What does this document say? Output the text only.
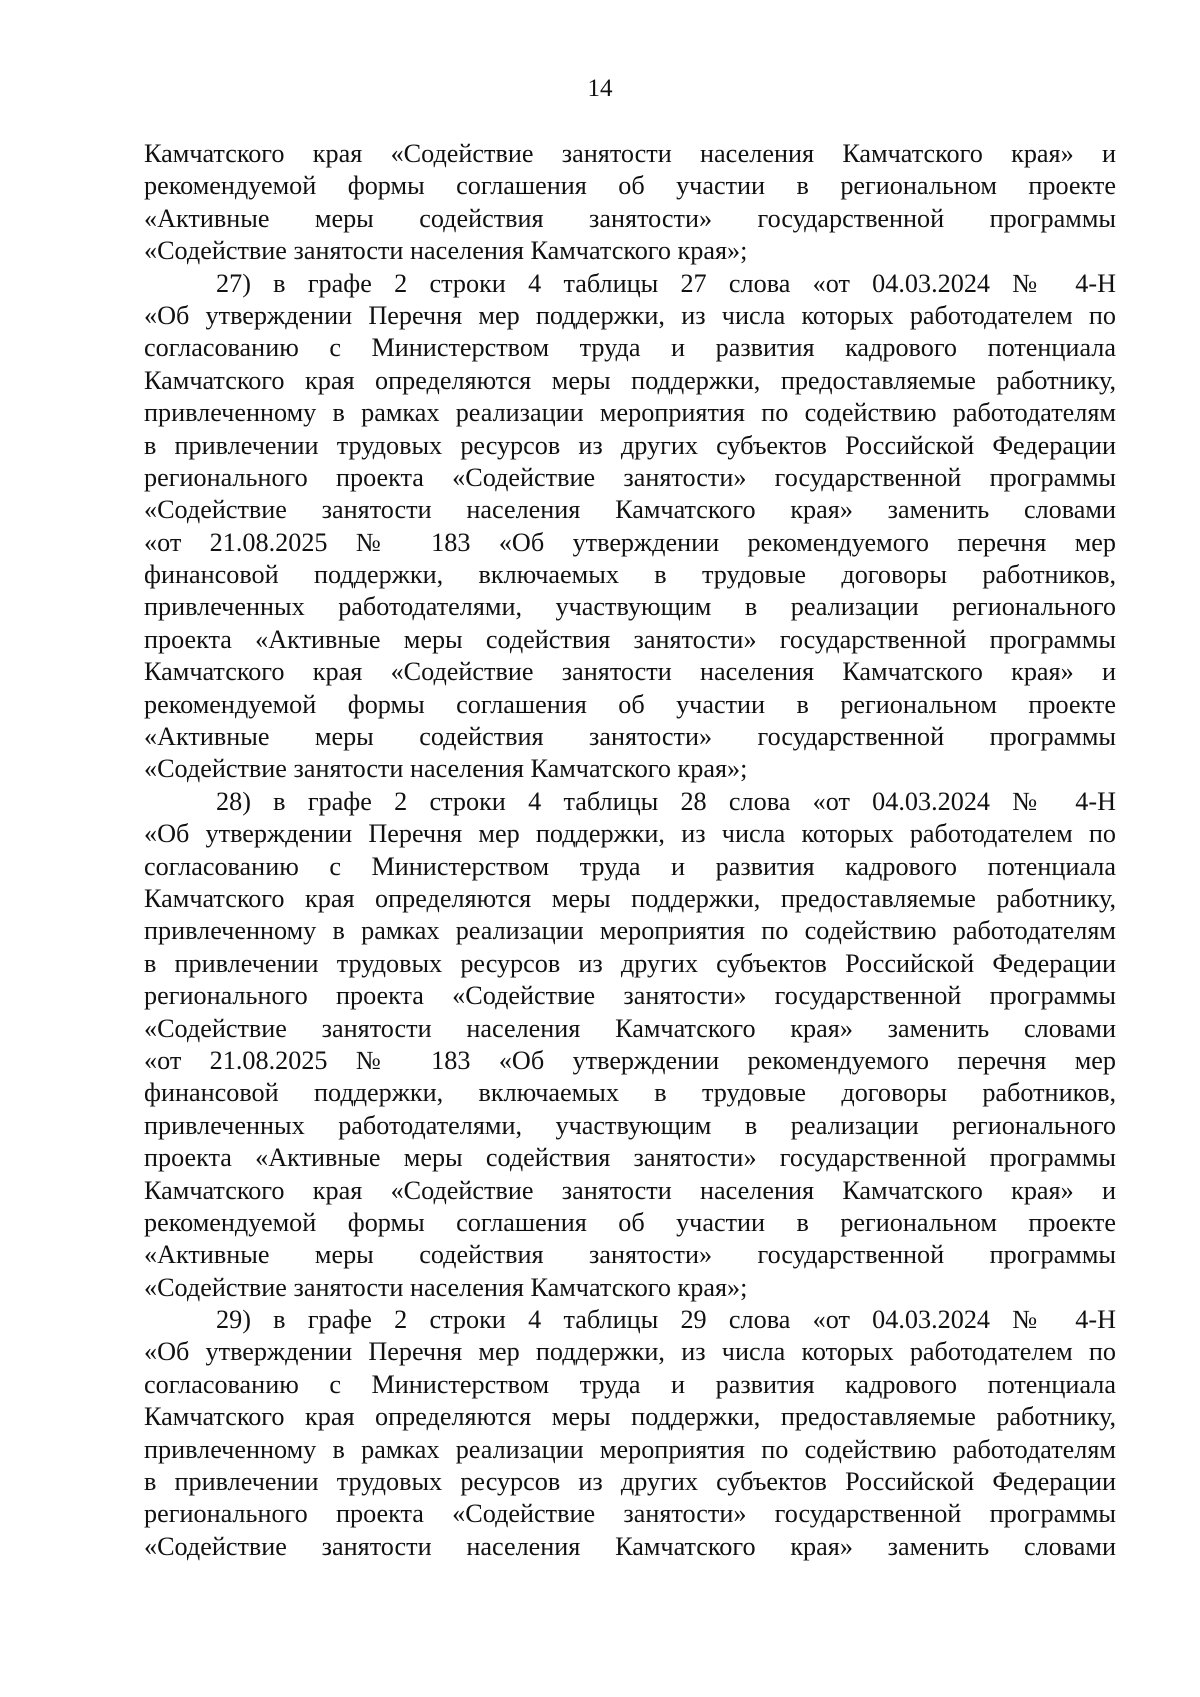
14
Камчатского края «Содействие занятости населения Камчатского края» и
рекомендуемой формы соглашения об участии в региональном проекте
«Активные меры содействия занятости» государственной программы
«Содействие занятости населения Камчатского края»;
27) в графе 2 строки 4 таблицы 27 слова «от 04.03.2024 № 4-Н
«Об утверждении Перечня мер поддержки, из числа которых работодателем по
согласованию с Министерством труда и развития кадрового потенциала
Камчатского края определяются меры поддержки, предоставляемые работнику,
привлеченному в рамках реализации мероприятия по содействию работодателям
в привлечении трудовых ресурсов из других субъектов Российской Федерации
регионального проекта «Содействие занятости» государственной программы
«Содействие занятости населения Камчатского края» заменить словами
«от 21.08.2025 № 183 «Об утверждении рекомендуемого перечня мер
финансовой поддержки, включаемых в трудовые договоры работников,
привлеченных работодателями, участвующим в реализации регионального
проекта «Активные меры содействия занятости» государственной программы
Камчатского края «Содействие занятости населения Камчатского края» и
рекомендуемой формы соглашения об участии в региональном проекте
«Активные меры содействия занятости» государственной программы
«Содействие занятости населения Камчатского края»;
28) в графе 2 строки 4 таблицы 28 слова «от 04.03.2024 № 4-Н
«Об утверждении Перечня мер поддержки, из числа которых работодателем по
согласованию с Министерством труда и развития кадрового потенциала
Камчатского края определяются меры поддержки, предоставляемые работнику,
привлеченному в рамках реализации мероприятия по содействию работодателям
в привлечении трудовых ресурсов из других субъектов Российской Федерации
регионального проекта «Содействие занятости» государственной программы
«Содействие занятости населения Камчатского края» заменить словами
«от 21.08.2025 № 183 «Об утверждении рекомендуемого перечня мер
финансовой поддержки, включаемых в трудовые договоры работников,
привлеченных работодателями, участвующим в реализации регионального
проекта «Активные меры содействия занятости» государственной программы
Камчатского края «Содействие занятости населения Камчатского края» и
рекомендуемой формы соглашения об участии в региональном проекте
«Активные меры содействия занятости» государственной программы
«Содействие занятости населения Камчатского края»;
29) в графе 2 строки 4 таблицы 29 слова «от 04.03.2024 № 4-Н
«Об утверждении Перечня мер поддержки, из числа которых работодателем по
согласованию с Министерством труда и развития кадрового потенциала
Камчатского края определяются меры поддержки, предоставляемые работнику,
привлеченному в рамках реализации мероприятия по содействию работодателям
в привлечении трудовых ресурсов из других субъектов Российской Федерации
регионального проекта «Содействие занятости» государственной программы
«Содействие занятости населения Камчатского края» заменить словами
